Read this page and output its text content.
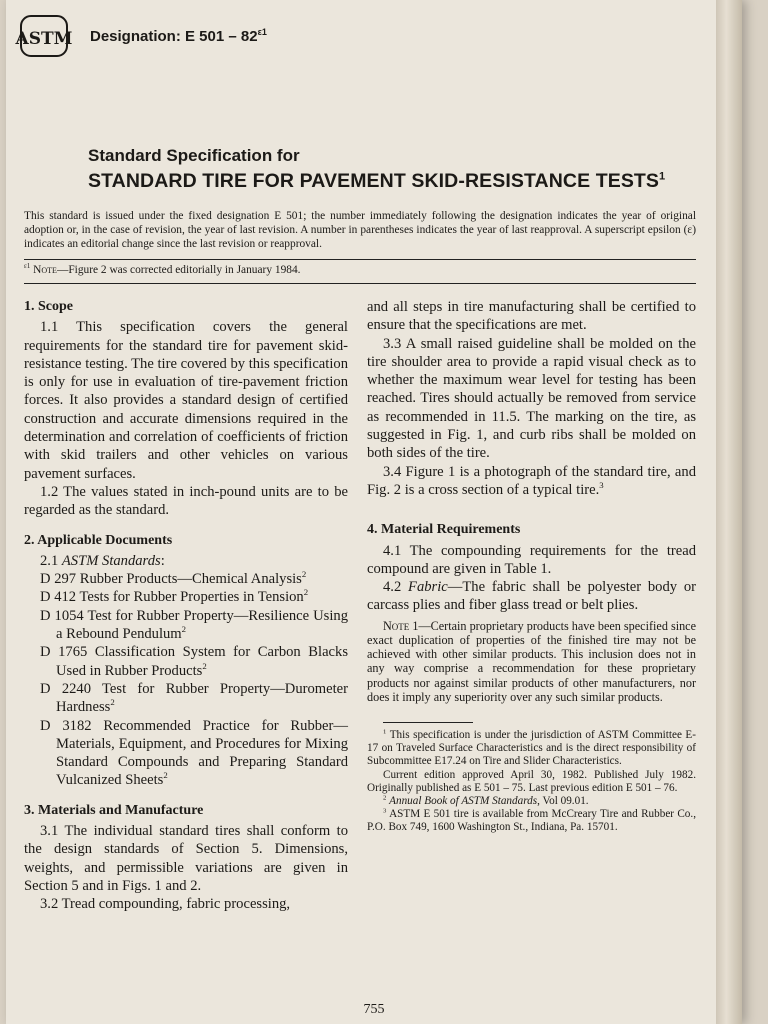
ASTM Designation: E $501 - 82^{\varepsilon 1}$
Standard Specification for
STANDARD TIRE FOR PAVEMENT SKID-RESISTANCE TESTS$^1$
This standard is issued under the fixed designation E 501; the number immediately following the designation indicates the year of original adoption or, in the case of revision, the year of last revision. A number in parentheses indicates the year of last reapproval. A superscript epsilon (ε) indicates an editorial change since the last revision or reapproval.
$^{\varepsilon 1}$ Note—Figure 2 was corrected editorially in January 1984.

1. Scope

1.1 This specification covers the general requirements for the standard tire for pavement skid-resistance testing. The tire covered by this specification is only for use in evaluation of tire-pavement friction forces. It also provides a standard design of certified construction and accurate dimensions required in the determination and correlation of coefficients of friction with skid trailers and other vehicles on various pavement surfaces.

1.2 The values stated in inch-pound units are to be regarded as the standard.

2. Applicable Documents

2.1 ASTM Standards:

D 297 Rubber Products—Chemical Analysis$^2$

D 412 Tests for Rubber Properties in Tension$^2$

D 1054 Test for Rubber Property—Resilience Using a Rebound Pendulum$^2$

D 1765 Classification System for Carbon Blacks Used in Rubber Products$^2$

D 2240 Test for Rubber Property—Durometer Hardness$^2$

D 3182 Recommended Practice for Rubber—Materials, Equipment, and Procedures for Mixing Standard Compounds and Preparing Standard Vulcanized Sheets$^2$

3. Materials and Manufacture

3.1 The individual standard tires shall conform to the design standards of Section 5. Dimensions, weights, and permissible variations are given in Section 5 and in Figs. 1 and 2.

3.2 Tread compounding, fabric processing,

and all steps in tire manufacturing shall be certified to ensure that the specifications are met.

3.3 A small raised guideline shall be molded on the tire shoulder area to provide a rapid visual check as to whether the maximum wear level for testing has been reached. Tires should actually be removed from service as recommended in 11.5. The marking on the tire, as suggested in Fig. 1, and curb ribs shall be molded on both sides of the tire.

3.4 Figure 1 is a photograph of the standard tire, and Fig. 2 is a cross section of a typical tire.$^3$

4. Material Requirements

4.1 The compounding requirements for the tread compound are given in Table 1.

4.2 Fabric—The fabric shall be polyester body or carcass plies and fiber glass tread or belt plies.

Note 1—Certain proprietary products have been specified since exact duplication of properties of the finished tire may not be achieved with other similar products. This inclusion does not in any way comprise a recommendation for these proprietary products nor against similar products of other manufacturers, nor does it imply any superiority over any such similar products.

$^1$ This specification is under the jurisdiction of ASTM Committee E-17 on Traveled Surface Characteristics and is the direct responsibility of Subcommittee E17.24 on Tire and Slider Characteristics.

Current edition approved April 30, 1982. Published July 1982. Originally published as E 501 – 75. Last previous edition E 501 – 76.

$^2$ Annual Book of ASTM Standards, Vol 09.01.

$^3$ ASTM E 501 tire is available from McCreary Tire and Rubber Co., P.O. Box 749, 1600 Washington St., Indiana, Pa. 15701.

755
